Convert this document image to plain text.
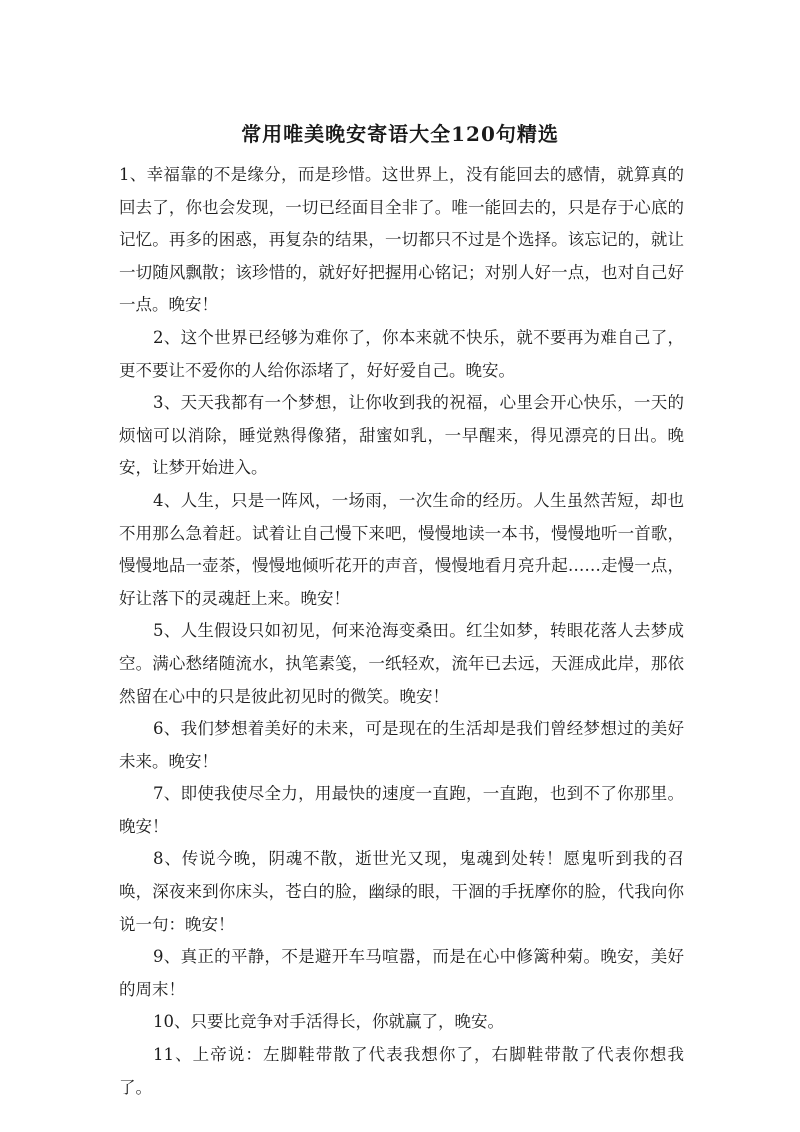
常用唯美晚安寄语大全120句精选

1、幸福靠的不是缘分，而是珍惜。这世界上，没有能回去的感情，就算真的回去了，你也会发现，一切已经面目全非了。唯一能回去的，只是存于心底的记忆。再多的困惑，再复杂的结果，一切都只不过是个选择。该忘记的，就让一切随风飘散；该珍惜的，就好好把握用心铭记；对别人好一点，也对自己好一点。晚安！

2、这个世界已经够为难你了，你本来就不快乐，就不要再为难自己了，更不要让不爱你的人给你添堵了，好好爱自己。晚安。

3、天天我都有一个梦想，让你收到我的祝福，心里会开心快乐，一天的烦恼可以消除，睡觉熟得像猪，甜蜜如乳，一早醒来，得见漂亮的日出。晚安，让梦开始进入。

4、人生，只是一阵风，一场雨，一次生命的经历。人生虽然苦短，却也不用那么急着赶。试着让自己慢下来吧，慢慢地读一本书，慢慢地听一首歌，慢慢地品一壶茶，慢慢地倾听花开的声音，慢慢地看月亮升起……走慢一点，好让落下的灵魂赶上来。晚安！

5、人生假设只如初见，何来沧海变桑田。红尘如梦，转眼花落人去梦成空。满心愁绪随流水，执笔素笺，一纸轻欢，流年已去远，天涯成此岸，那依然留在心中的只是彼此初见时的微笑。晚安！

6、我们梦想着美好的未来，可是现在的生活却是我们曾经梦想过的美好未来。晚安！

7、即使我使尽全力，用最快的速度一直跑，一直跑，也到不了你那里。晚安！

8、传说今晚，阴魂不散，逝世光又现，鬼魂到处转！愿鬼听到我的召唤，深夜来到你床头，苍白的脸，幽绿的眼，干涸的手抚摩你的脸，代我向你说一句：晚安！

9、真正的平静，不是避开车马喧嚣，而是在心中修篱种菊。晚安，美好的周末！

10、只要比竞争对手活得长，你就赢了，晚安。

11、上帝说：左脚鞋带散了代表我想你了，右脚鞋带散了代表你想我了。
